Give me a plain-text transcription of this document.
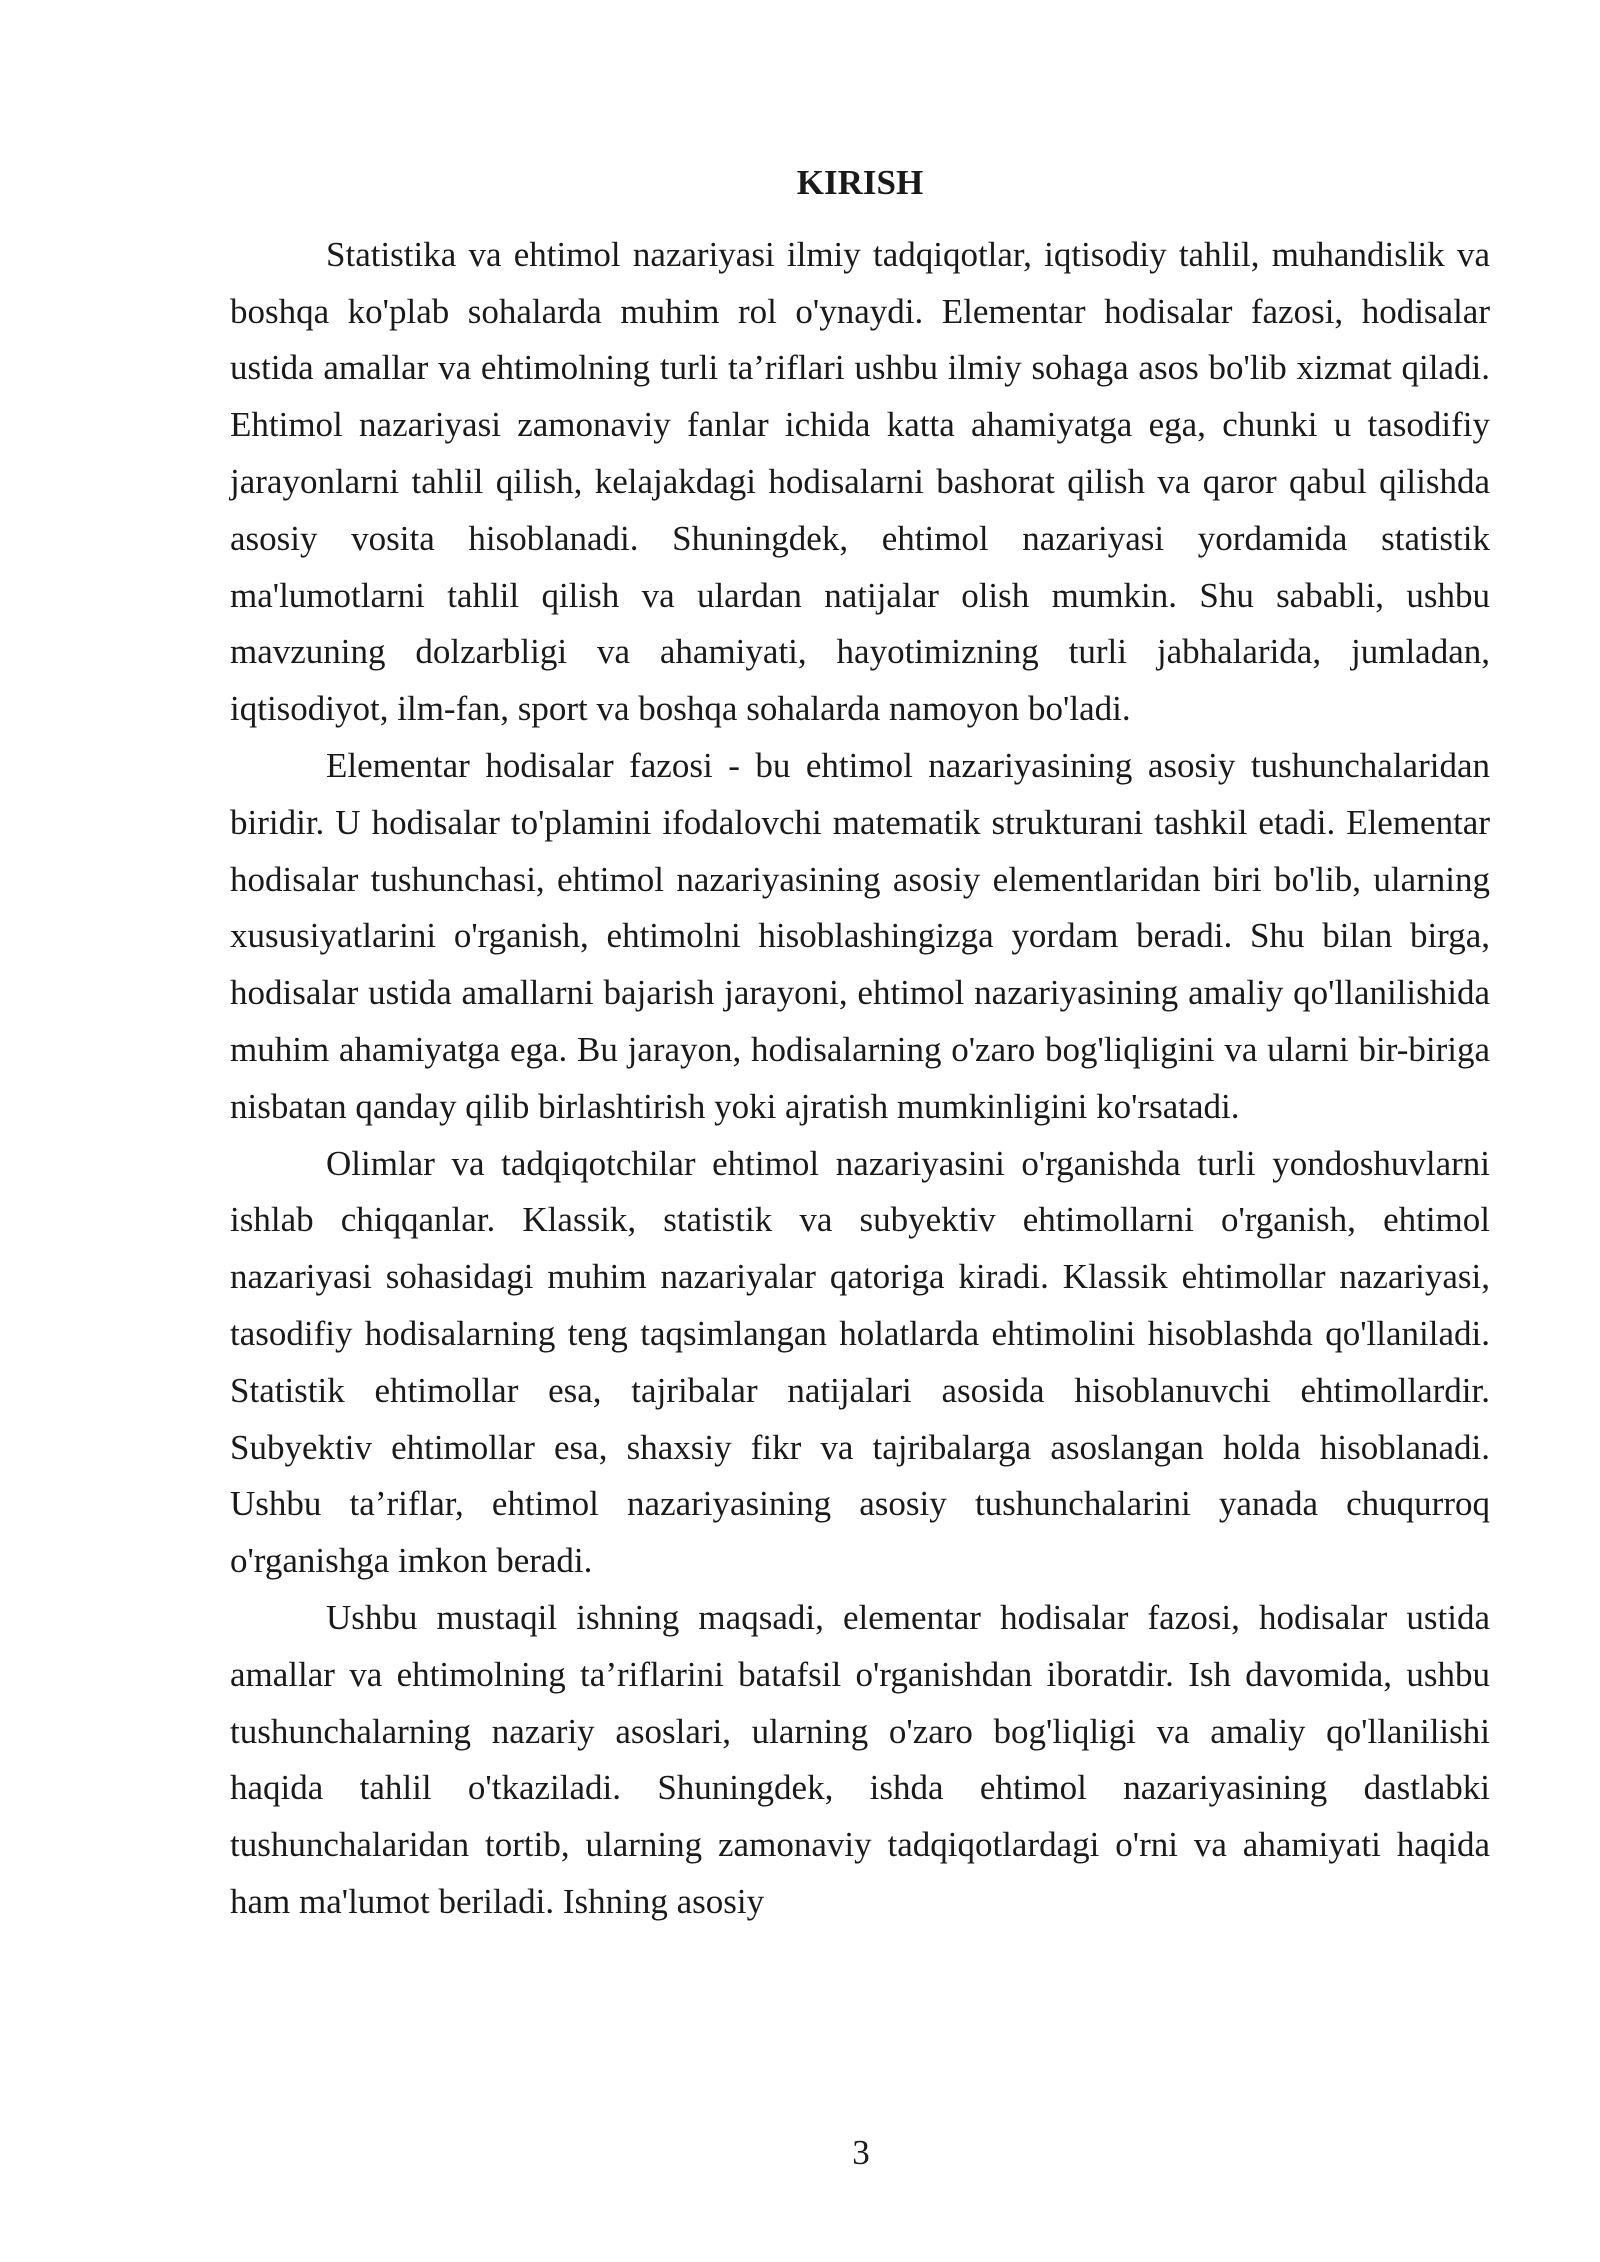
KIRISH

Statistika va ehtimol nazariyasi ilmiy tadqiqotlar, iqtisodiy tahlil, muhandislik va boshqa ko'plab sohalarda muhim rol o'ynaydi. Elementar hodisalar fazosi, hodisalar ustida amallar va ehtimolning turli ta’riflari ushbu ilmiy sohaga asos bo'lib xizmat qiladi. Ehtimol nazariyasi zamonaviy fanlar ichida katta ahamiyatga ega, chunki u tasodifiy jarayonlarni tahlil qilish, kelajakdagi hodisalarni bashorat qilish va qaror qabul qilishda asosiy vosita hisoblanadi. Shuningdek, ehtimol nazariyasi yordamida statistik ma'lumotlarni tahlil qilish va ulardan natijalar olish mumkin. Shu sababli, ushbu mavzuning dolzarbligi va ahamiyati, hayotimizning turli jabhalarida, jumladan, iqtisodiyot, ilm-fan, sport va boshqa sohalarda namoyon bo'ladi.

Elementar hodisalar fazosi - bu ehtimol nazariyasining asosiy tushunchalaridan biridir. U hodisalar to'plamini ifodalovchi matematik strukturani tashkil etadi. Elementar hodisalar tushunchasi, ehtimol nazariyasining asosiy elementlaridan biri bo'lib, ularning xususiyatlarini o'rganish, ehtimolni hisoblashingizga yordam beradi. Shu bilan birga, hodisalar ustida amallarni bajarish jarayoni, ehtimol nazariyasining amaliy qo'llanilishida muhim ahamiyatga ega. Bu jarayon, hodisalarning o'zaro bog'liqligini va ularni bir-biriga nisbatan qanday qilib birlashtirish yoki ajratish mumkinligini ko'rsatadi.

Olimlar va tadqiqotchilar ehtimol nazariyasini o'rganishda turli yondoshuvlarni ishlab chiqqanlar. Klassik, statistik va subyektiv ehtimollarni o'rganish, ehtimol nazariyasi sohasidagi muhim nazariyalar qatoriga kiradi. Klassik ehtimollar nazariyasi, tasodifiy hodisalarning teng taqsimlangan holatlarda ehtimolini hisoblashda qo'llaniladi. Statistik ehtimollar esa, tajribalar natijalari asosida hisoblanuvchi ehtimollardir. Subyektiv ehtimollar esa, shaxsiy fikr va tajribalarga asoslangan holda hisoblanadi. Ushbu ta’riflar, ehtimol nazariyasining asosiy tushunchalarini yanada chuqurroq o'rganishga imkon beradi.

Ushbu mustaqil ishning maqsadi, elementar hodisalar fazosi, hodisalar ustida amallar va ehtimolning ta’riflarini batafsil o'rganishdan iboratdir. Ish davomida, ushbu tushunchalarning nazariy asoslari, ularning o'zaro bog'liqligi va amaliy qo'llanilishi haqida tahlil o'tkaziladi. Shuningdek, ishda ehtimol nazariyasining dastlabki tushunchalaridan tortib, ularning zamonaviy tadqiqotlardagi o'rni va ahamiyati haqida ham ma'lumot beriladi. Ishning asosiy

3
